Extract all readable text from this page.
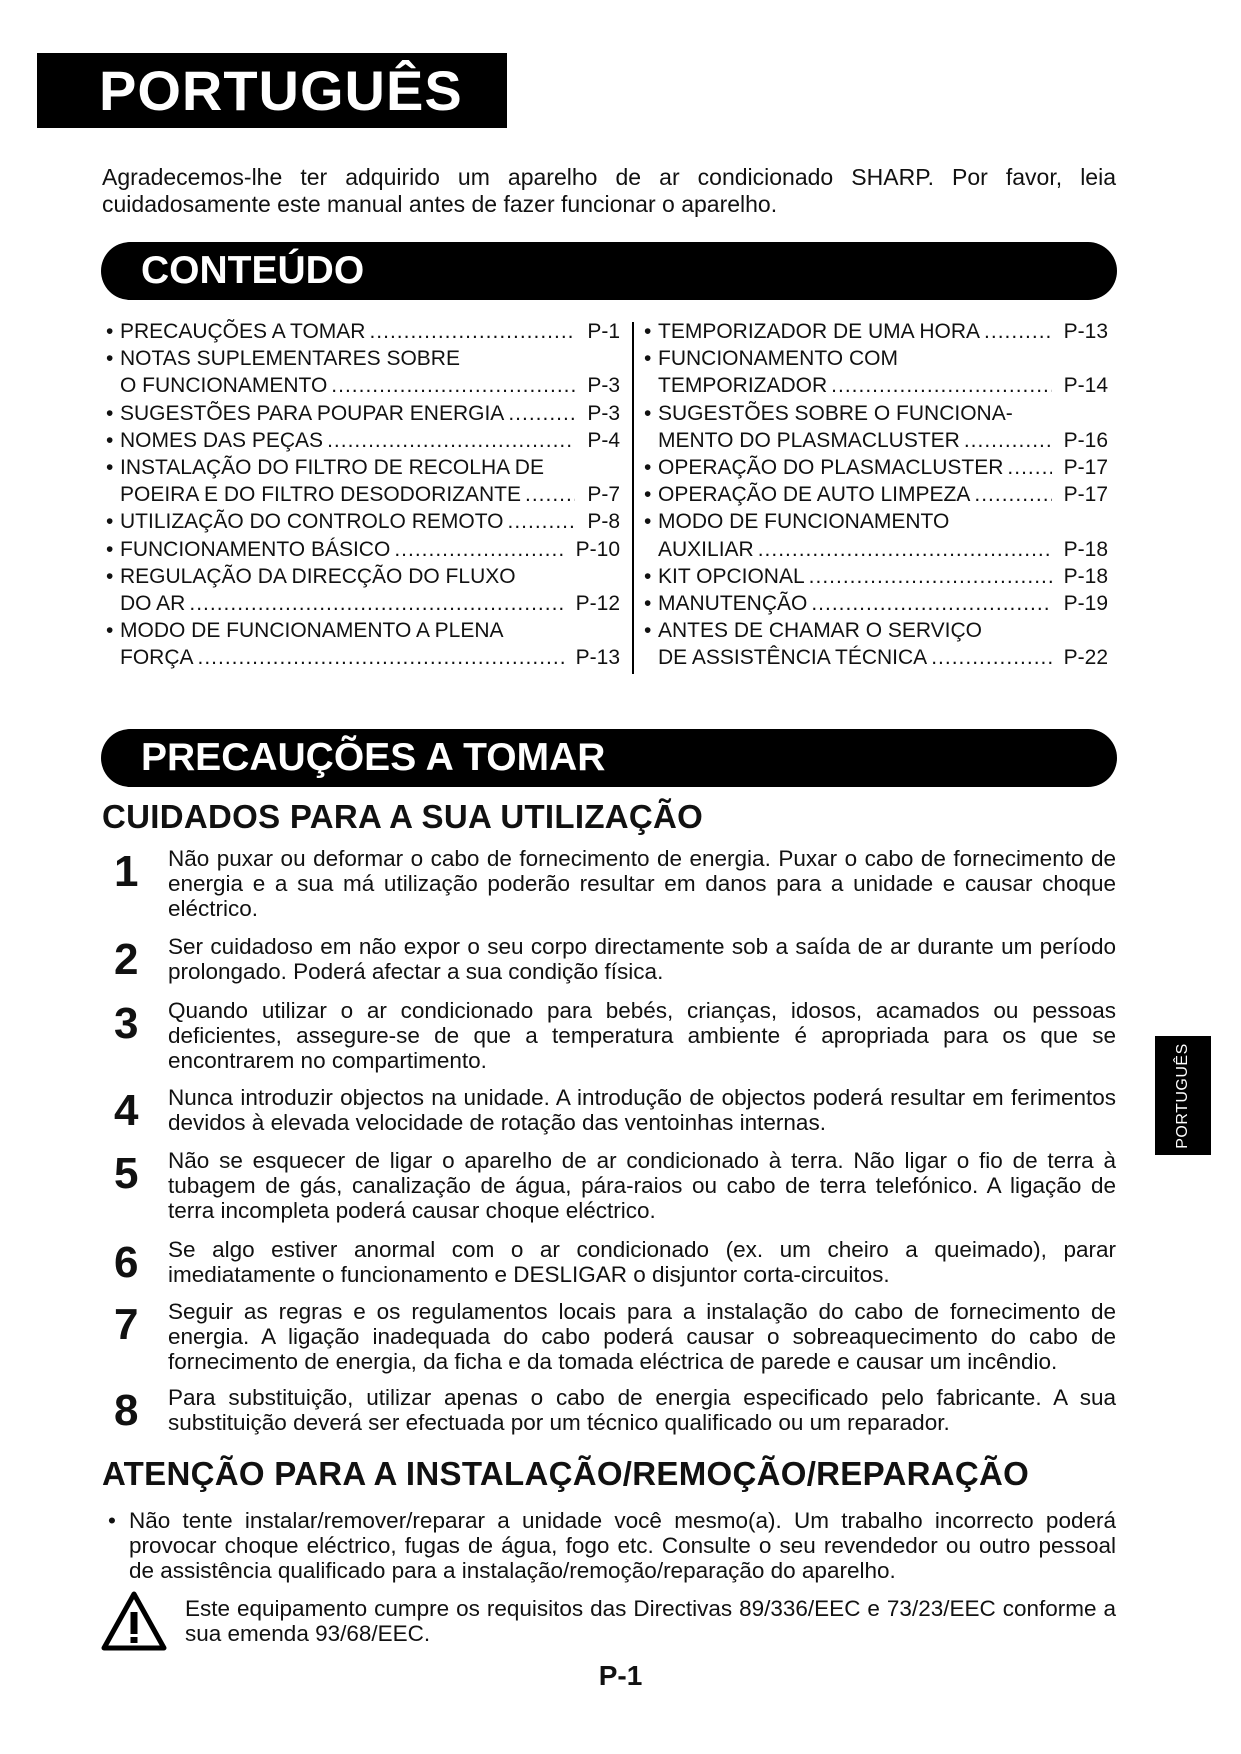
PORTUGUÊS
Agradecemos-lhe ter adquirido um aparelho de ar condicionado SHARP. Por favor, leia cuidadosamente este manual antes de fazer funcionar o aparelho.
CONTEÚDO
• PRECAUÇÕES A TOMAR .....	P-1
• NOTAS SUPLEMENTARES SOBRE
O FUNCIONAMENTO .....	P-3
• SUGESTÕES PARA POUPAR ENERGIA .....	P-3
• NOMES DAS PEÇAS .....	P-4
• INSTALAÇÃO DO FILTRO DE RECOLHA DE
POEIRA E DO FILTRO DESODORIZANTE .....	P-7
• UTILIZAÇÃO DO CONTROLO REMOTO .....	P-8
• FUNCIONAMENTO BÁSICO .....	P-10
• REGULAÇÃO DA DIRECÇÃO DO FLUXO
DO AR .....	P-12
• MODO DE FUNCIONAMENTO A PLENA
FORÇA .....	P-13
• TEMPORIZADOR DE UMA HORA .....	P-13
• FUNCIONAMENTO COM
TEMPORIZADOR .....	P-14
• SUGESTÕES SOBRE O FUNCIONA-
MENTO DO PLASMACLUSTER .....	P-16
• OPERAÇÃO DO PLASMACLUSTER .....	P-17
• OPERAÇÃO DE AUTO LIMPEZA .....	P-17
• MODO DE FUNCIONAMENTO
AUXILIAR .....	P-18
• KIT OPCIONAL .....	P-18
• MANUTENÇÃO .....	P-19
• ANTES DE CHAMAR O SERVIÇO
DE ASSISTÊNCIA TÉCNICA .....	P-22
PRECAUÇÕES A TOMAR
CUIDADOS PARA A SUA UTILIZAÇÃO
1 Não puxar ou deformar o cabo de fornecimento de energia. Puxar o cabo de fornecimento de energia e a sua má utilização poderão resultar em danos para a unidade e causar choque eléctrico.
2 Ser cuidadoso em não expor o seu corpo directamente sob a saída de ar durante um período prolongado. Poderá afectar a sua condição física.
3 Quando utilizar o ar condicionado para bebés, crianças, idosos, acamados ou pessoas deficientes, assegure-se de que a temperatura ambiente é apropriada para os que se encontrarem no compartimento.
4 Nunca introduzir objectos na unidade. A introdução de objectos poderá resultar em ferimentos devidos à elevada velocidade de rotação das ventoinhas internas.
5 Não se esquecer de ligar o aparelho de ar condicionado à terra. Não ligar o fio de terra à tubagem de gás, canalização de água, pára-raios ou cabo de terra telefónico. A ligação de terra incompleta poderá causar choque eléctrico.
6 Se algo estiver anormal com o ar condicionado (ex. um cheiro a queimado), parar imediatamente o funcionamento e DESLIGAR o disjuntor corta-circuitos.
7 Seguir as regras e os regulamentos locais para a instalação do cabo de fornecimento de energia. A ligação inadequada do cabo poderá causar o sobreaquecimento do cabo de fornecimento de energia, da ficha e da tomada eléctrica de parede e causar um incêndio.
8 Para substituição, utilizar apenas o cabo de energia especificado pelo fabricante. A sua substituição deverá ser efectuada por um técnico qualificado ou um reparador.
ATENÇÃO PARA A INSTALAÇÃO/REMOÇÃO/REPARAÇÃO
• Não tente instalar/remover/reparar a unidade você mesmo(a). Um trabalho incorrecto poderá provocar choque eléctrico, fugas de água, fogo etc. Consulte o seu revendedor ou outro pessoal de assistência qualificado para a instalação/remoção/reparação do aparelho.
Este equipamento cumpre os requisitos das Directivas 89/336/EEC e 73/23/EEC conforme a sua emenda 93/68/EEC.
P-1
PORTUGUÊS
